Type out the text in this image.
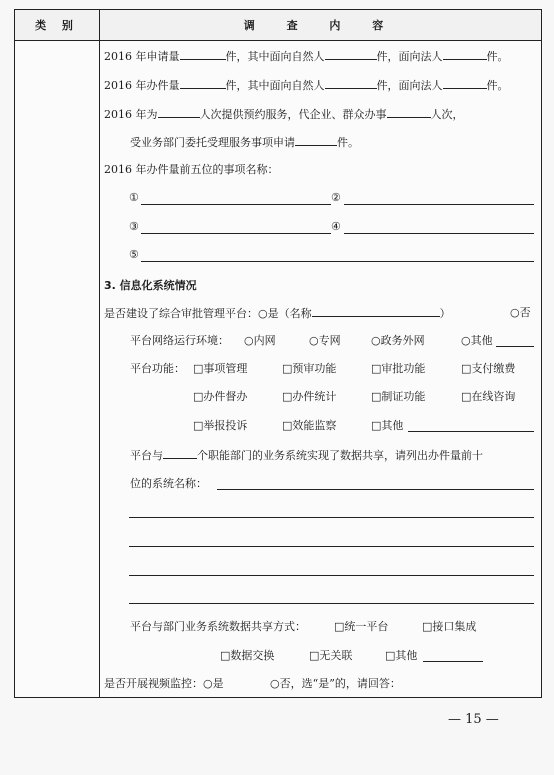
类 别	调 查 内 容
2016 年申请量	件，其中面向自然人	件，面向法人	件。
2016 年办件量	件，其中面向自然人	件，面向法人	件。
2016 年为	人次提供预约服务，代企业、群众办事	人次，
受业务部门委托受理服务事项申请	件。
2016 年办件量前五位的事项名称：
①	②
③	④
⑤
3. 信息化系统情况
是否建设了综合审批管理平台：○是（名称	）	○否
平台网络运行环境： ○内网	○专网	○政务外网	○其他
平台功能： □事项管理	□预审功能	□审批功能	□支付缴费
□办件督办	□办件统计	□制证功能	□在线咨询
□举报投诉	□效能监察	□其他
平台与	个职能部门的业务系统实现了数据共享，请列出办件量前十
位的系统名称：
平台与部门业务系统数据共享方式：	□统一平台	□接口集成
□数据交换	□无关联	□其他
是否开展视频监控：○是	○否，选“是”的，请回答：
— 15 —
